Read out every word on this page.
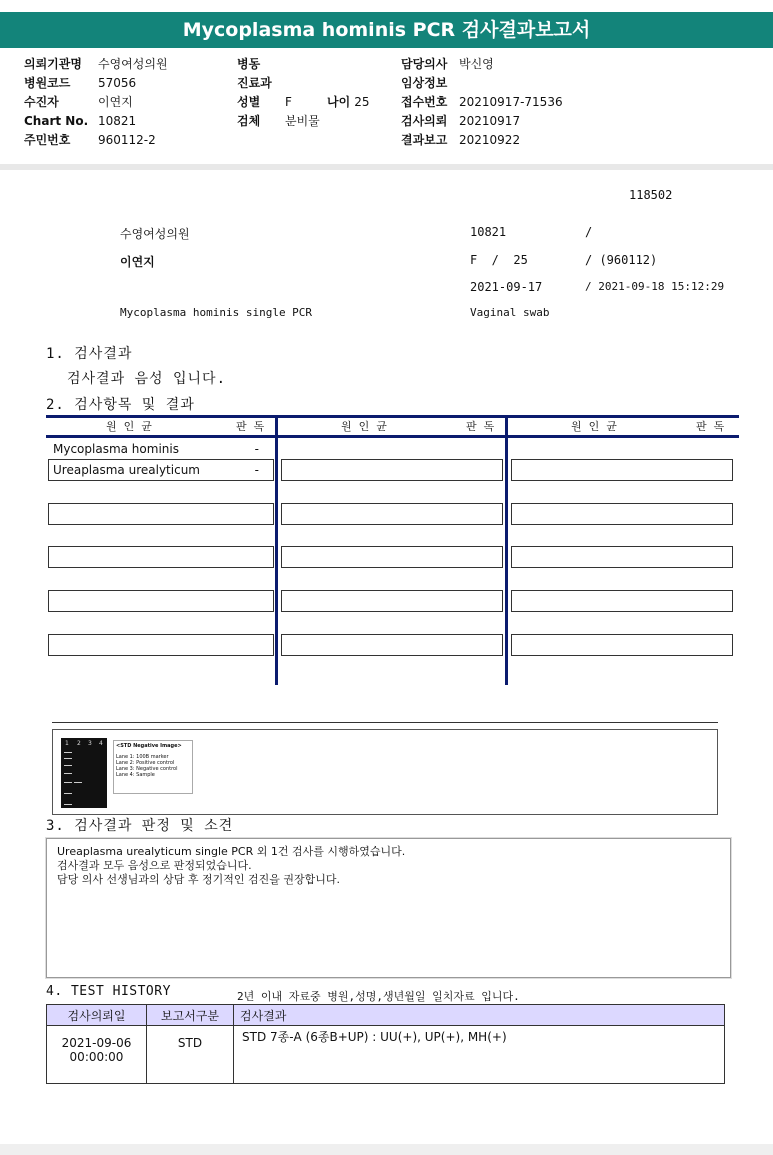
Mycoplasma hominis PCR 검사결과보고서
의뢰기관명 수영여성의원
병원코드 57056
수진자	이연지
Chart No. 10821
주민번호 960112-2
병동
진료과
성별 F
검체 분비물
나이 25
담당의사 박신영
임상정보
접수번호 20210917-71536
검사의뢰 20210917
결과보고 20210922
118502
수영여성의원	10821	/
이연지	F  /  25	/ (960112)
2021-09-17	/ 2021-09-18 15:12:29
Mycoplasma hominis single PCR	Vaginal swab
1. 검사결과
검사결과 음성 입니다.
2. 검사항목 및 결과
원  인  균	판  독	원  인  균	판  독	원  인  균	판  독
Mycoplasma hominis	-
Ureaplasma urealyticum	-
1 2 3 4	<STD Negative Image>
Lane 1: 100B marker
Lane 2: Positive control
Lane 3: Negative control
Lane 4: Sample
3. 검사결과 판정 및 소견
Ureaplasma urealyticum single PCR 외 1건 검사를 시행하였습니다.
검사결과 모두 음성으로 판정되었습니다.
담당 의사 선생님과의 상담 후 정기적인 검진을 권장합니다.
4. TEST HISTORY	2년 이내 자료중 병원,성명,생년월일 일치자료 입니다.
검사의뢰일	보고서구분	검사결과

2021-09-06
00:00:00	STD	STD 7종-A (6종B+UP) : UU(+), UP(+), MH(+)
